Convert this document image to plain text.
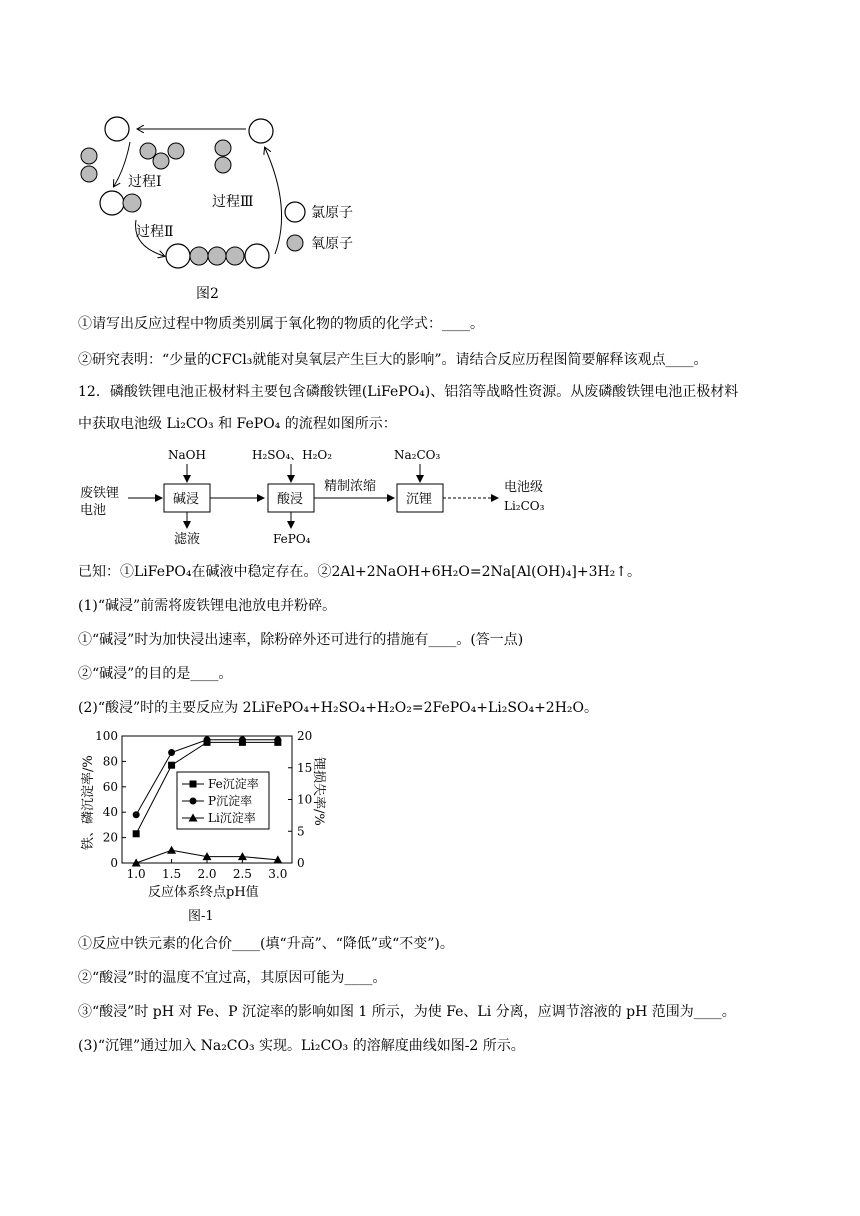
过程Ⅰ
过程Ⅱ
过程Ⅲ
氯原子
氧原子
图2
①请写出反应过程中物质类别属于氧化物的物质的化学式：____。
②研究表明：“少量的CFCl₃就能对臭氧层产生巨大的影响”。请结合反应历程图简要解释该观点____。
12．磷酸铁锂电池正极材料主要包含磷酸铁锂(LiFePO₄)、铝箔等战略性资源。从废磷酸铁锂电池正极材料
中获取电池级 Li₂CO₃ 和 FePO₄ 的流程如图所示：
废铁锂
电池
NaOH
碱浸
滤液
H₂SO₄、H₂O₂
酸浸
FePO₄
精制浓缩
Na₂CO₃
沉锂
电池级
Li₂CO₃
已知：①LiFePO₄在碱液中稳定存在。②2Al+2NaOH+6H₂O=2Na[Al(OH)₄]+3H₂↑。
(1)“碱浸”前需将废铁锂电池放电并粉碎。
①“碱浸”时为加快浸出速率，除粉碎外还可进行的措施有____。(答一点)
②“碱浸”的目的是____。
(2)“酸浸”时的主要反应为 2LiFePO₄+H₂SO₄+H₂O₂=2FePO₄+Li₂SO₄+2H₂O。
1.0 1.5 2.0 2.5 3.0
0
20
40
60
80
100
0
5
10
15
20
Fe沉淀率
P沉淀率
Li沉淀率
铁、磷沉淀率/%	锂损失率/%
反应体系终点pH值
图-1
①反应中铁元素的化合价____(填“升高”、“降低”或“不变”)。
②“酸浸”时的温度不宜过高，其原因可能为____。
③“酸浸”时 pH 对 Fe、P 沉淀率的影响如图 1 所示，为使 Fe、Li 分离，应调节溶液的 pH 范围为____。
(3)“沉锂”通过加入 Na₂CO₃ 实现。Li₂CO₃ 的溶解度曲线如图-2 所示。
